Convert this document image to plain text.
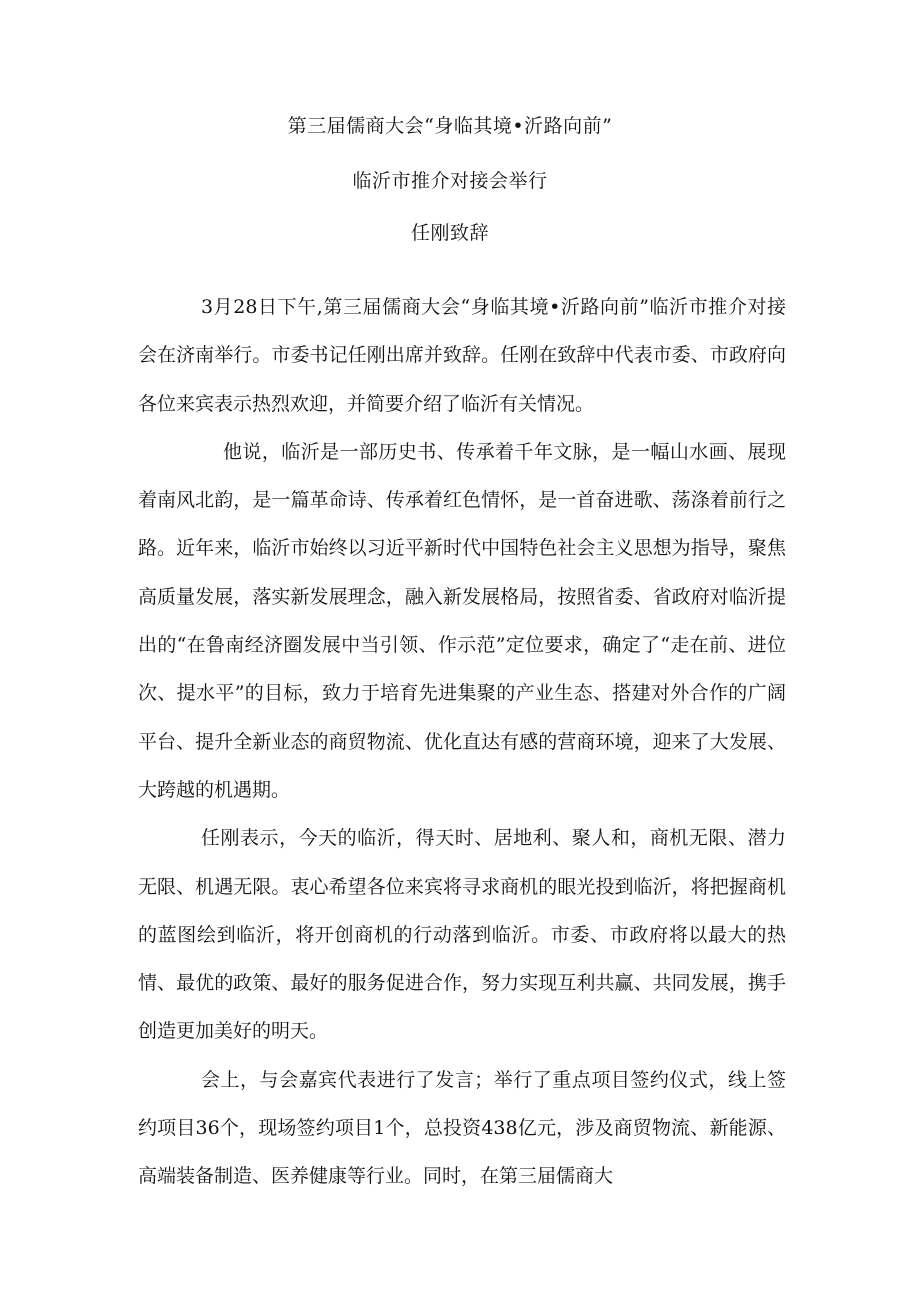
第三届儒商大会“身临其境•沂路向前”
临沂市推介对接会举行
任刚致辞

3月28日下午,第三届儒商大会“身临其境•沂路向前”临沂市推介对接会在济南举行。市委书记任刚出席并致辞。任刚在致辞中代表市委、市政府向各位来宾表示热烈欢迎，并简要介绍了临沂有关情况。

他说，临沂是一部历史书、传承着千年文脉，是一幅山水画、展现着南风北韵，是一篇革命诗、传承着红色情怀，是一首奋进歌、荡涤着前行之路。近年来，临沂市始终以习近平新时代中国特色社会主义思想为指导，聚焦高质量发展，落实新发展理念，融入新发展格局，按照省委、省政府对临沂提出的“在鲁南经济圈发展中当引领、作示范”定位要求，确定了“走在前、进位次、提水平”的目标，致力于培育先进集聚的产业生态、搭建对外合作的广阔平台、提升全新业态的商贸物流、优化直达有感的营商环境，迎来了大发展、大跨越的机遇期。

任刚表示，今天的临沂，得天时、居地利、聚人和，商机无限、潜力无限、机遇无限。衷心希望各位来宾将寻求商机的眼光投到临沂，将把握商机的蓝图绘到临沂，将开创商机的行动落到临沂。市委、市政府将以最大的热情、最优的政策、最好的服务促进合作，努力实现互利共赢、共同发展，携手创造更加美好的明天。

会上，与会嘉宾代表进行了发言；举行了重点项目签约仪式，线上签约项目36个，现场签约项目1个，总投资438亿元，涉及商贸物流、新能源、高端装备制造、医养健康等行业。同时，在第三届儒商大
